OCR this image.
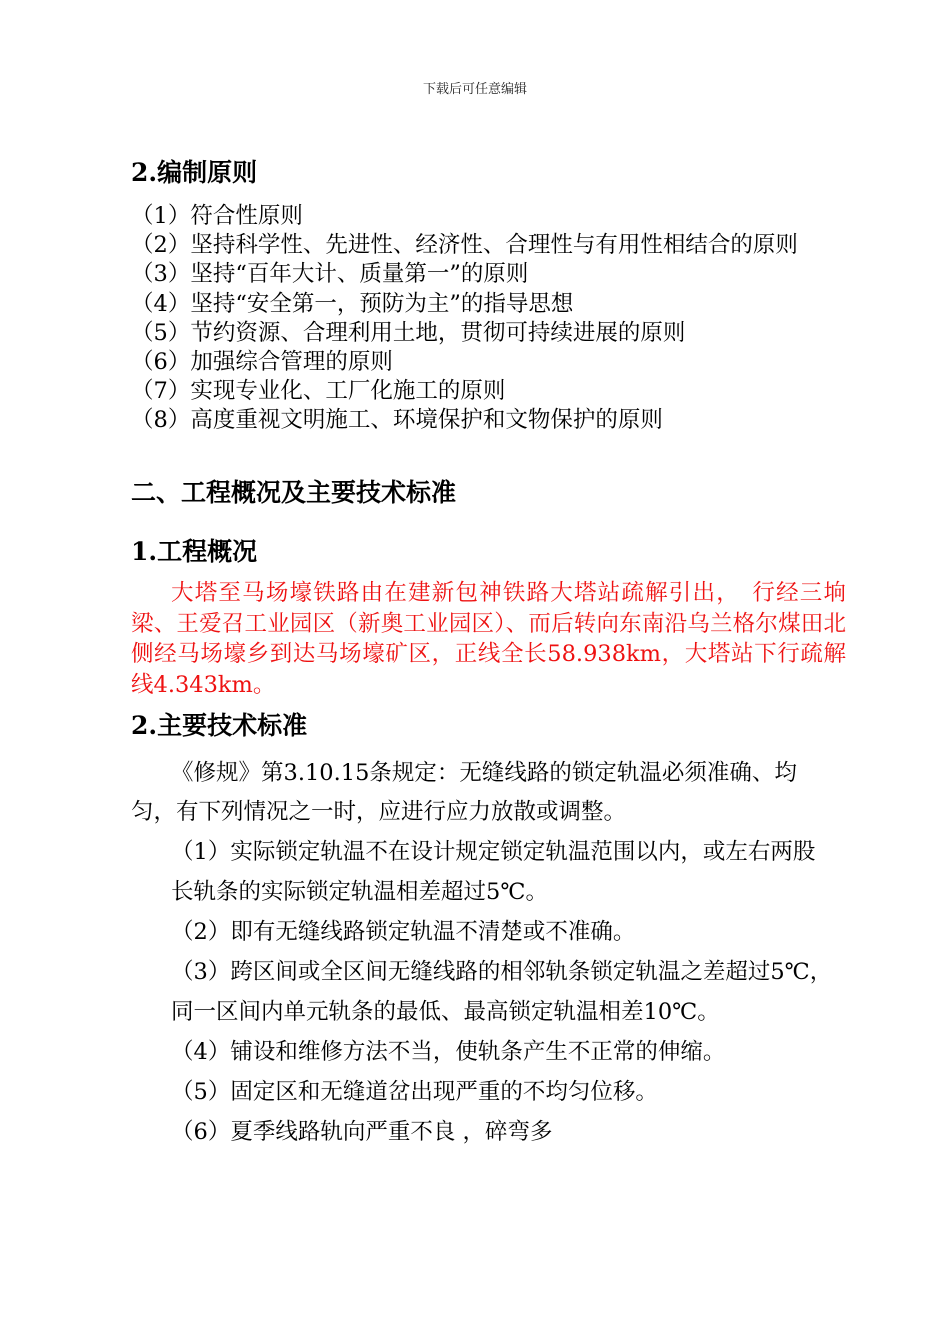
下载后可任意编辑
2.编制原则
（1）符合性原则
（2）坚持科学性、先进性、经济性、合理性与有用性相结合的原则
（3）坚持“百年大计、质量第一”的原则
（4）坚持“安全第一，预防为主”的指导思想
（5）节约资源、合理利用土地，贯彻可持续进展的原则
（6）加强综合管理的原则
（7）实现专业化、工厂化施工的原则
（8）高度重视文明施工、环境保护和文物保护的原则
二、工程概况及主要技术标准
1.工程概况
大塔至马场壕铁路由在建新包神铁路大塔站疏解引出，　行经三垧梁、王爱召工业园区（新奥工业园区）、而后转向东南沿乌兰格尔煤田北侧经马场壕乡到达马场壕矿区，正线全长58.938km，大塔站下行疏解线4.343km。
2.主要技术标准
《修规》第3.10.15条规定：无缝线路的锁定轨温必须准确、均匀，有下列情况之一时，应进行应力放散或调整。
（1）实际锁定轨温不在设计规定锁定轨温范围以内，或左右两股长轨条的实际锁定轨温相差超过5℃。
（2）即有无缝线路锁定轨温不清楚或不准确。
（3）跨区间或全区间无缝线路的相邻轨条锁定轨温之差超过5℃，同一区间内单元轨条的最低、最高锁定轨温相差10℃。
（4）铺设和维修方法不当，使轨条产生不正常的伸缩。
（5）固定区和无缝道岔出现严重的不均匀位移。
（6）夏季线路轨向严重不良 ，碎弯多
